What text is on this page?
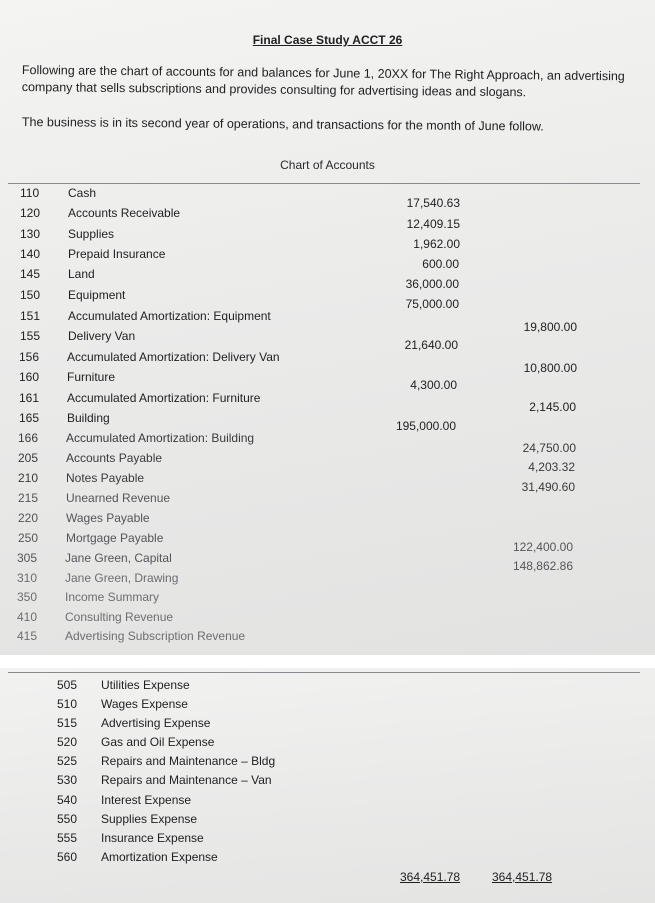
Final Case Study ACCT 26
Following are the chart of accounts for and balances for June 1, 20XX for The Right Approach, an advertising company that sells subscriptions and provides consulting for advertising ideas and slogans.
The business is in its second year of operations, and transactions for the month of June follow.
Chart of Accounts
110 Cash
120 Accounts Receivable
130 Supplies
140 Prepaid Insurance
145 Land
150 Equipment
151 Accumulated Amortization: Equipment
155 Delivery Van
156 Accumulated Amortization: Delivery Van
160 Furniture
161 Accumulated Amortization: Furniture
165 Building
166 Accumulated Amortization: Building
205 Accounts Payable
210 Notes Payable
215 Unearned Revenue
220 Wages Payable
250 Mortgage Payable
305 Jane Green, Capital
310 Jane Green, Drawing
350 Income Summary
410 Consulting Revenue
415 Advertising Subscription Revenue
17,540.63
12,409.15
1,962.00
600.00
36,000.00
75,000.00
21,640.00
4,300.00
195,000.00
19,800.00
10,800.00
2,145.00
24,750.00
4,203.32
31,490.60
122,400.00
148,862.86
505 Utilities Expense
510 Wages Expense
515 Advertising Expense
520 Gas and Oil Expense
525 Repairs and Maintenance – Bldg
530 Repairs and Maintenance – Van
540 Interest Expense
550 Supplies Expense
555 Insurance Expense
560 Amortization Expense
364,451.78	364,451.78
